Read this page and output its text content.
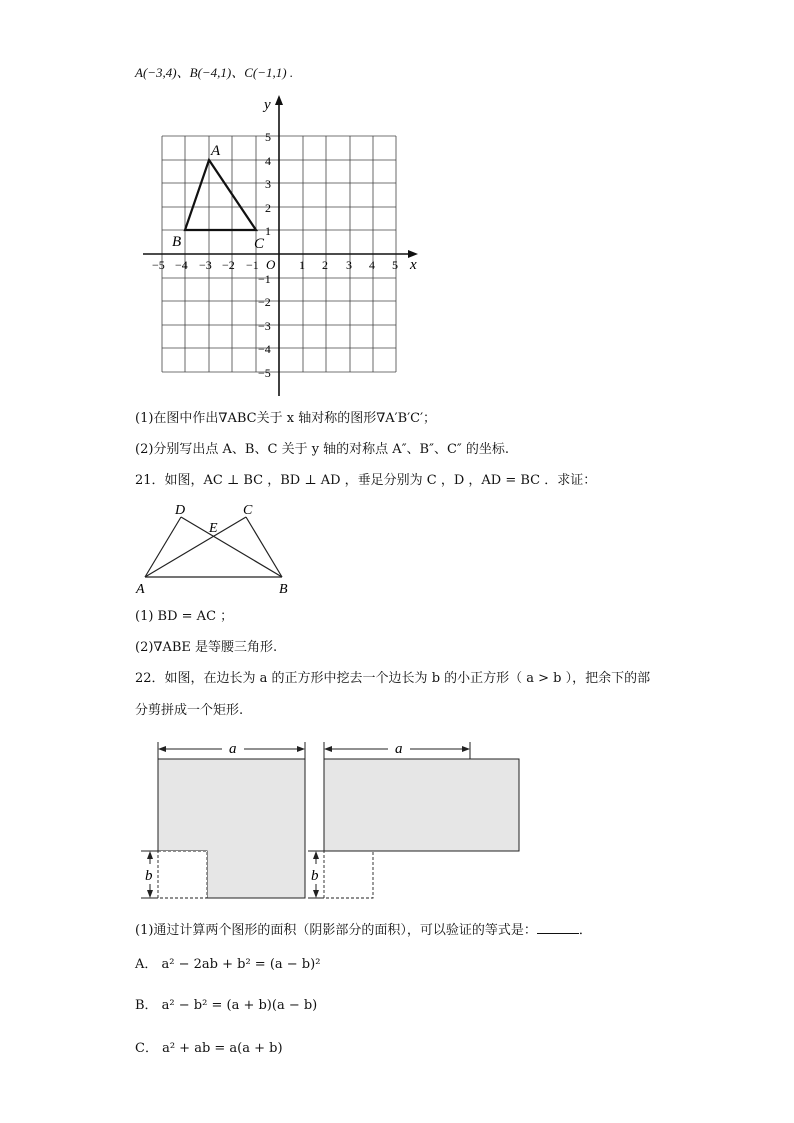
A(−3,4)、B(−4,1)、C(−1,1) .
x
y
O
−5 −4 −3 −2 −1	1 2 3 4 5
5
4
3
2
1
−1
−2
−3
−4
−5
A
B	C
(1)在图中作出∇ABC关于 x 轴对称的图形∇A′B′C′；
(2)分别写出点 A、B、C 关于 y 轴的对称点 A″、B″、C″ 的坐标.
21．如图，AC ⊥ BC ，BD ⊥ AD ，垂足分别为 C ，D ，AD = BC ．求证：
D	C
E
A	B
(1) BD = AC ；
(2)∇ABE 是等腰三角形.
22．如图，在边长为 a 的正方形中挖去一个边长为 b 的小正方形（ a > b ），把余下的部
分剪拼成一个矩形.
a	a
b	b
(1)通过计算两个图形的面积（阴影部分的面积），可以验证的等式是：	．
A． a² − 2ab + b² = (a − b)²
B． a² − b² = (a + b)(a − b)
C． a² + ab = a(a + b)
